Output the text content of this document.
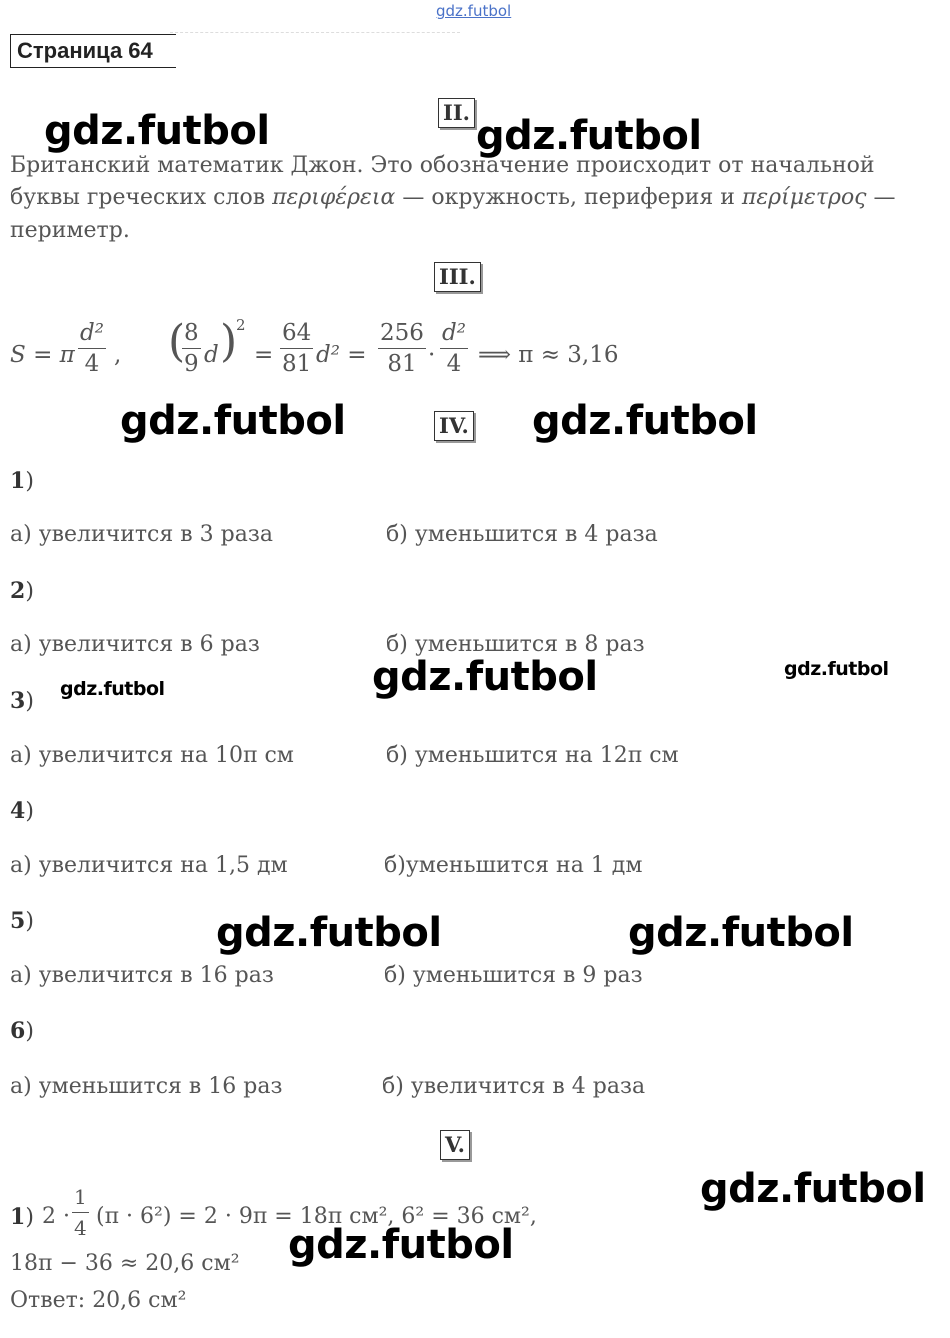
gdz.futbol
gdz.futbol	gdz.futbol
gdz.futbol	gdz.futbol
gdz.futbol	gdz.futbol
gdz.futbol
gdz.futbol	gdz.futbol
gdz.futbol
gdz.futbol
Страница 64
II.
Британский математик Джон. Это обозначение происходит от начальной
буквы греческих слов περιφέρεια — окружность, периферия и περίμετρος —
периметр.
III.
S = π $\frac{\text{d²}}{4}$ , (
$\frac{8}{9}$ d )
2
= $\frac{64}{81} d^2 = \frac{256}{81} \cdot \frac{\text{d²}}{4}$ ⟹ π ≈ 3,16
IV.
1)
а) увеличится в 3 раза	б) уменьшится в 4 раза
2)
а) увеличится в 6 раз	б) уменьшится в 8 раз
3)
а) увеличится на 10π см	б) уменьшится на 12π см
4)
а) увеличится на 1,5 дм	б)уменьшится на 1 дм
5)
а) увеличится в 16 раз	б) уменьшится в 9 раз
6)
а) уменьшится в 16 раз	б) увеличится в 4 раза
V.
1) $2 \cdot \frac{1}{4} (\pi \cdot 6^2) = 2 \cdot 9\pi = 18\pi$ см², 6² = 36 см²,
18π − 36 ≈ 20,6 см²
Ответ: 20,6 см²
